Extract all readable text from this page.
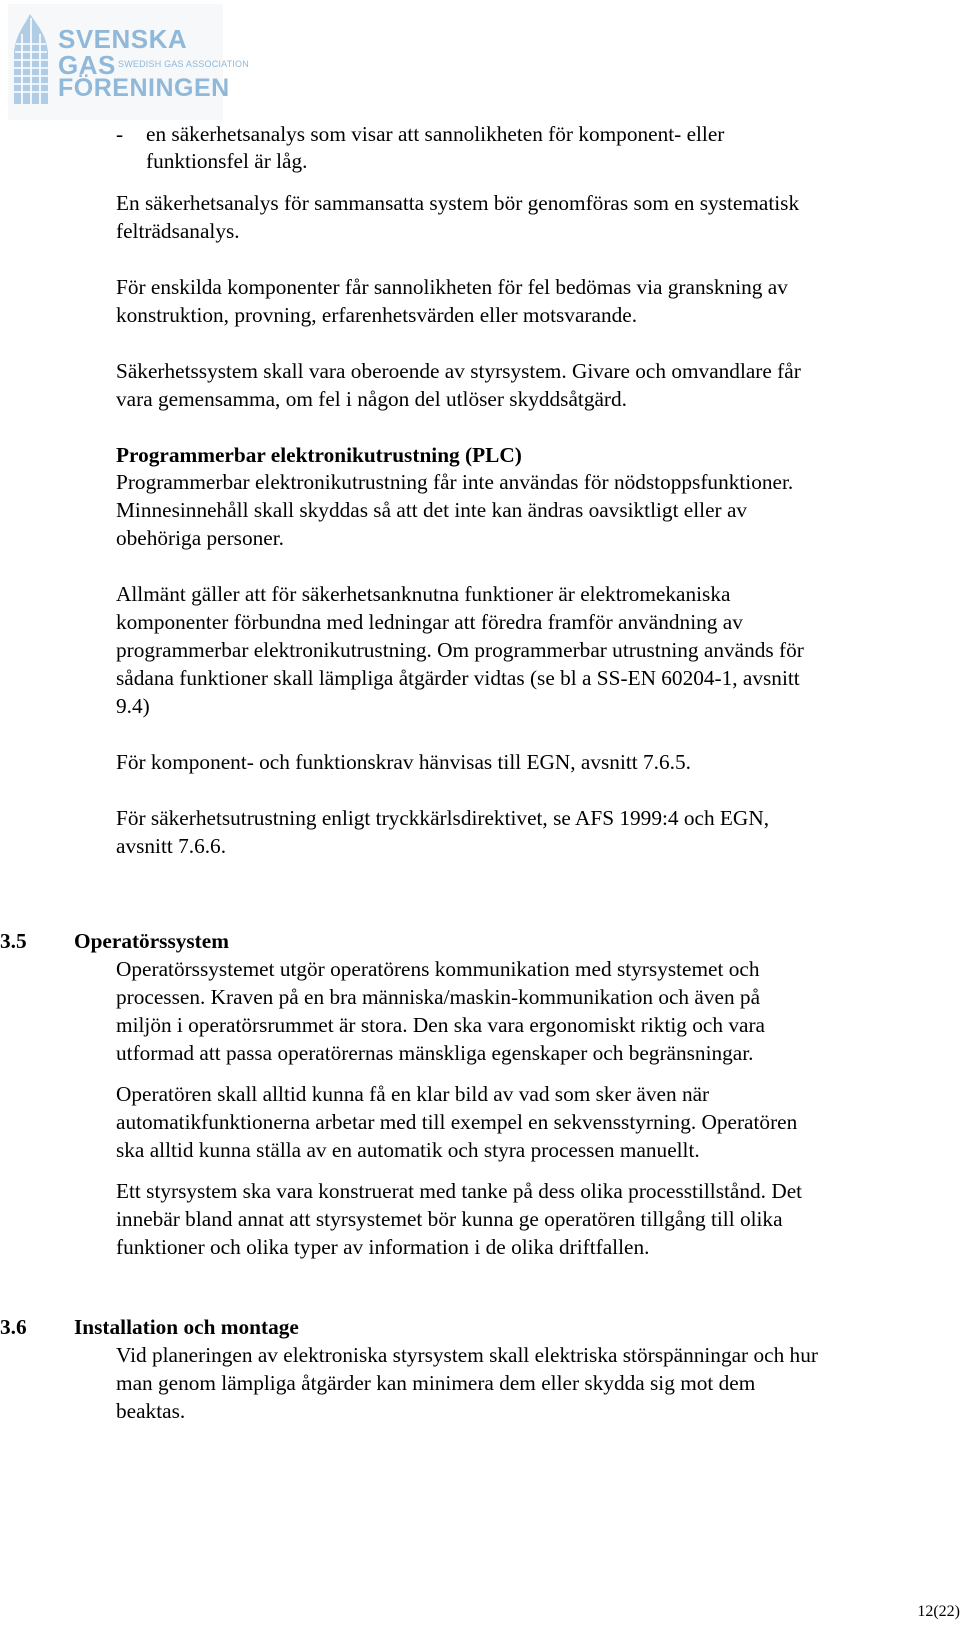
SVENSKA
GAS SWEDISH GAS ASSOCIATION
FÖRENINGEN
- en säkerhetsanalys som visar att sannolikheten för komponent- eller
funktionsfel är låg.
En säkerhetsanalys för sammansatta system bör genomföras som en systematisk
felträdsanalys.
För enskilda komponenter får sannolikheten för fel bedömas via granskning av
konstruktion, provning, erfarenhetsvärden eller motsvarande.
Säkerhetssystem skall vara oberoende av styrsystem. Givare och omvandlare får
vara gemensamma, om fel i någon del utlöser skyddsåtgärd.
Programmerbar elektronikutrustning (PLC)
Programmerbar elektronikutrustning får inte användas för nödstoppsfunktioner.
Minnesinnehåll skall skyddas så att det inte kan ändras oavsiktligt eller av
obehöriga personer.
Allmänt gäller att för säkerhetsanknutna funktioner är elektromekaniska
komponenter förbundna med ledningar att föredra framför användning av
programmerbar elektronikutrustning. Om programmerbar utrustning används för
sådana funktioner skall lämpliga åtgärder vidtas (se bl a SS-EN 60204-1, avsnitt
9.4)
För komponent- och funktionskrav hänvisas till EGN, avsnitt 7.6.5.
För säkerhetsutrustning enligt tryckkärlsdirektivet, se AFS 1999:4 och EGN,
avsnitt 7.6.6.
3.5 Operatörssystem
Operatörssystemet utgör operatörens kommunikation med styrsystemet och
processen. Kraven på en bra människa/maskin-kommunikation och även på
miljön i operatörsrummet är stora. Den ska vara ergonomiskt riktig och vara
utformad att passa operatörernas mänskliga egenskaper och begränsningar.
Operatören skall alltid kunna få en klar bild av vad som sker även när
automatikfunktionerna arbetar med till exempel en sekvensstyrning. Operatören
ska alltid kunna ställa av en automatik och styra processen manuellt.
Ett styrsystem ska vara konstruerat med tanke på dess olika processtillstånd. Det
innebär bland annat att styrsystemet bör kunna ge operatören tillgång till olika
funktioner och olika typer av information i de olika driftfallen.
3.6 Installation och montage
Vid planeringen av elektroniska styrsystem skall elektriska störspänningar och hur
man genom lämpliga åtgärder kan minimera dem eller skydda sig mot dem
beaktas.
12(22)
